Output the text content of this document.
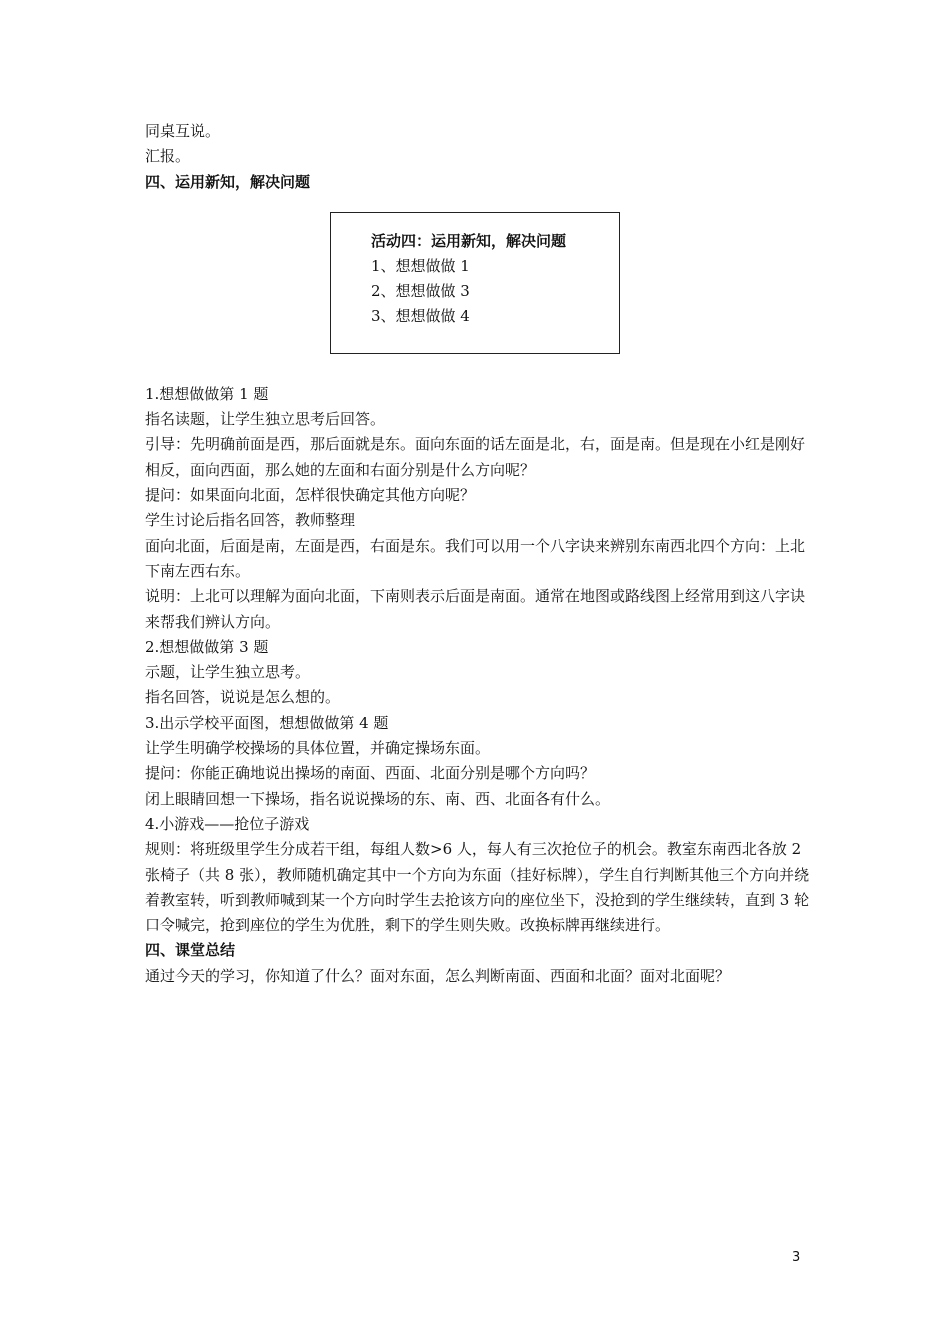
同桌互说。

汇报。

四、运用新知，解决问题

活动四：运用新知，解决问题
1、想想做做 1
2、想想做做 3
3、想想做做 4

1.想想做做第 1 题

指名读题，让学生独立思考后回答。

引导：先明确前面是西，那后面就是东。面向东面的话左面是北，右，面是南。但是现在小红是刚好相反，面向西面，那么她的左面和右面分别是什么方向呢？

提问：如果面向北面，怎样很快确定其他方向呢？

学生讨论后指名回答，教师整理

面向北面，后面是南，左面是西，右面是东。我们可以用一个八字诀来辨别东南西北四个方向：上北下南左西右东。

说明：上北可以理解为面向北面，下南则表示后面是南面。通常在地图或路线图上经常用到这八字诀来帮我们辨认方向。

2.想想做做第 3 题

示题，让学生独立思考。

指名回答，说说是怎么想的。

3.出示学校平面图，想想做做第 4 题

让学生明确学校操场的具体位置，并确定操场东面。

提问：你能正确地说出操场的南面、西面、北面分别是哪个方向吗？

闭上眼睛回想一下操场，指名说说操场的东、南、西、北面各有什么。

4.小游戏——抢位子游戏

规则：将班级里学生分成若干组，每组人数>6 人，每人有三次抢位子的机会。教室东南西北各放 2 张椅子（共 8 张），教师随机确定其中一个方向为东面（挂好标牌），学生自行判断其他三个方向并绕着教室转，听到教师喊到某一个方向时学生去抢该方向的座位坐下，没抢到的学生继续转，直到 3 轮口令喊完，抢到座位的学生为优胜，剩下的学生则失败。改换标牌再继续进行。

四、课堂总结

通过今天的学习，你知道了什么？面对东面，怎么判断南面、西面和北面？面对北面呢？

3
